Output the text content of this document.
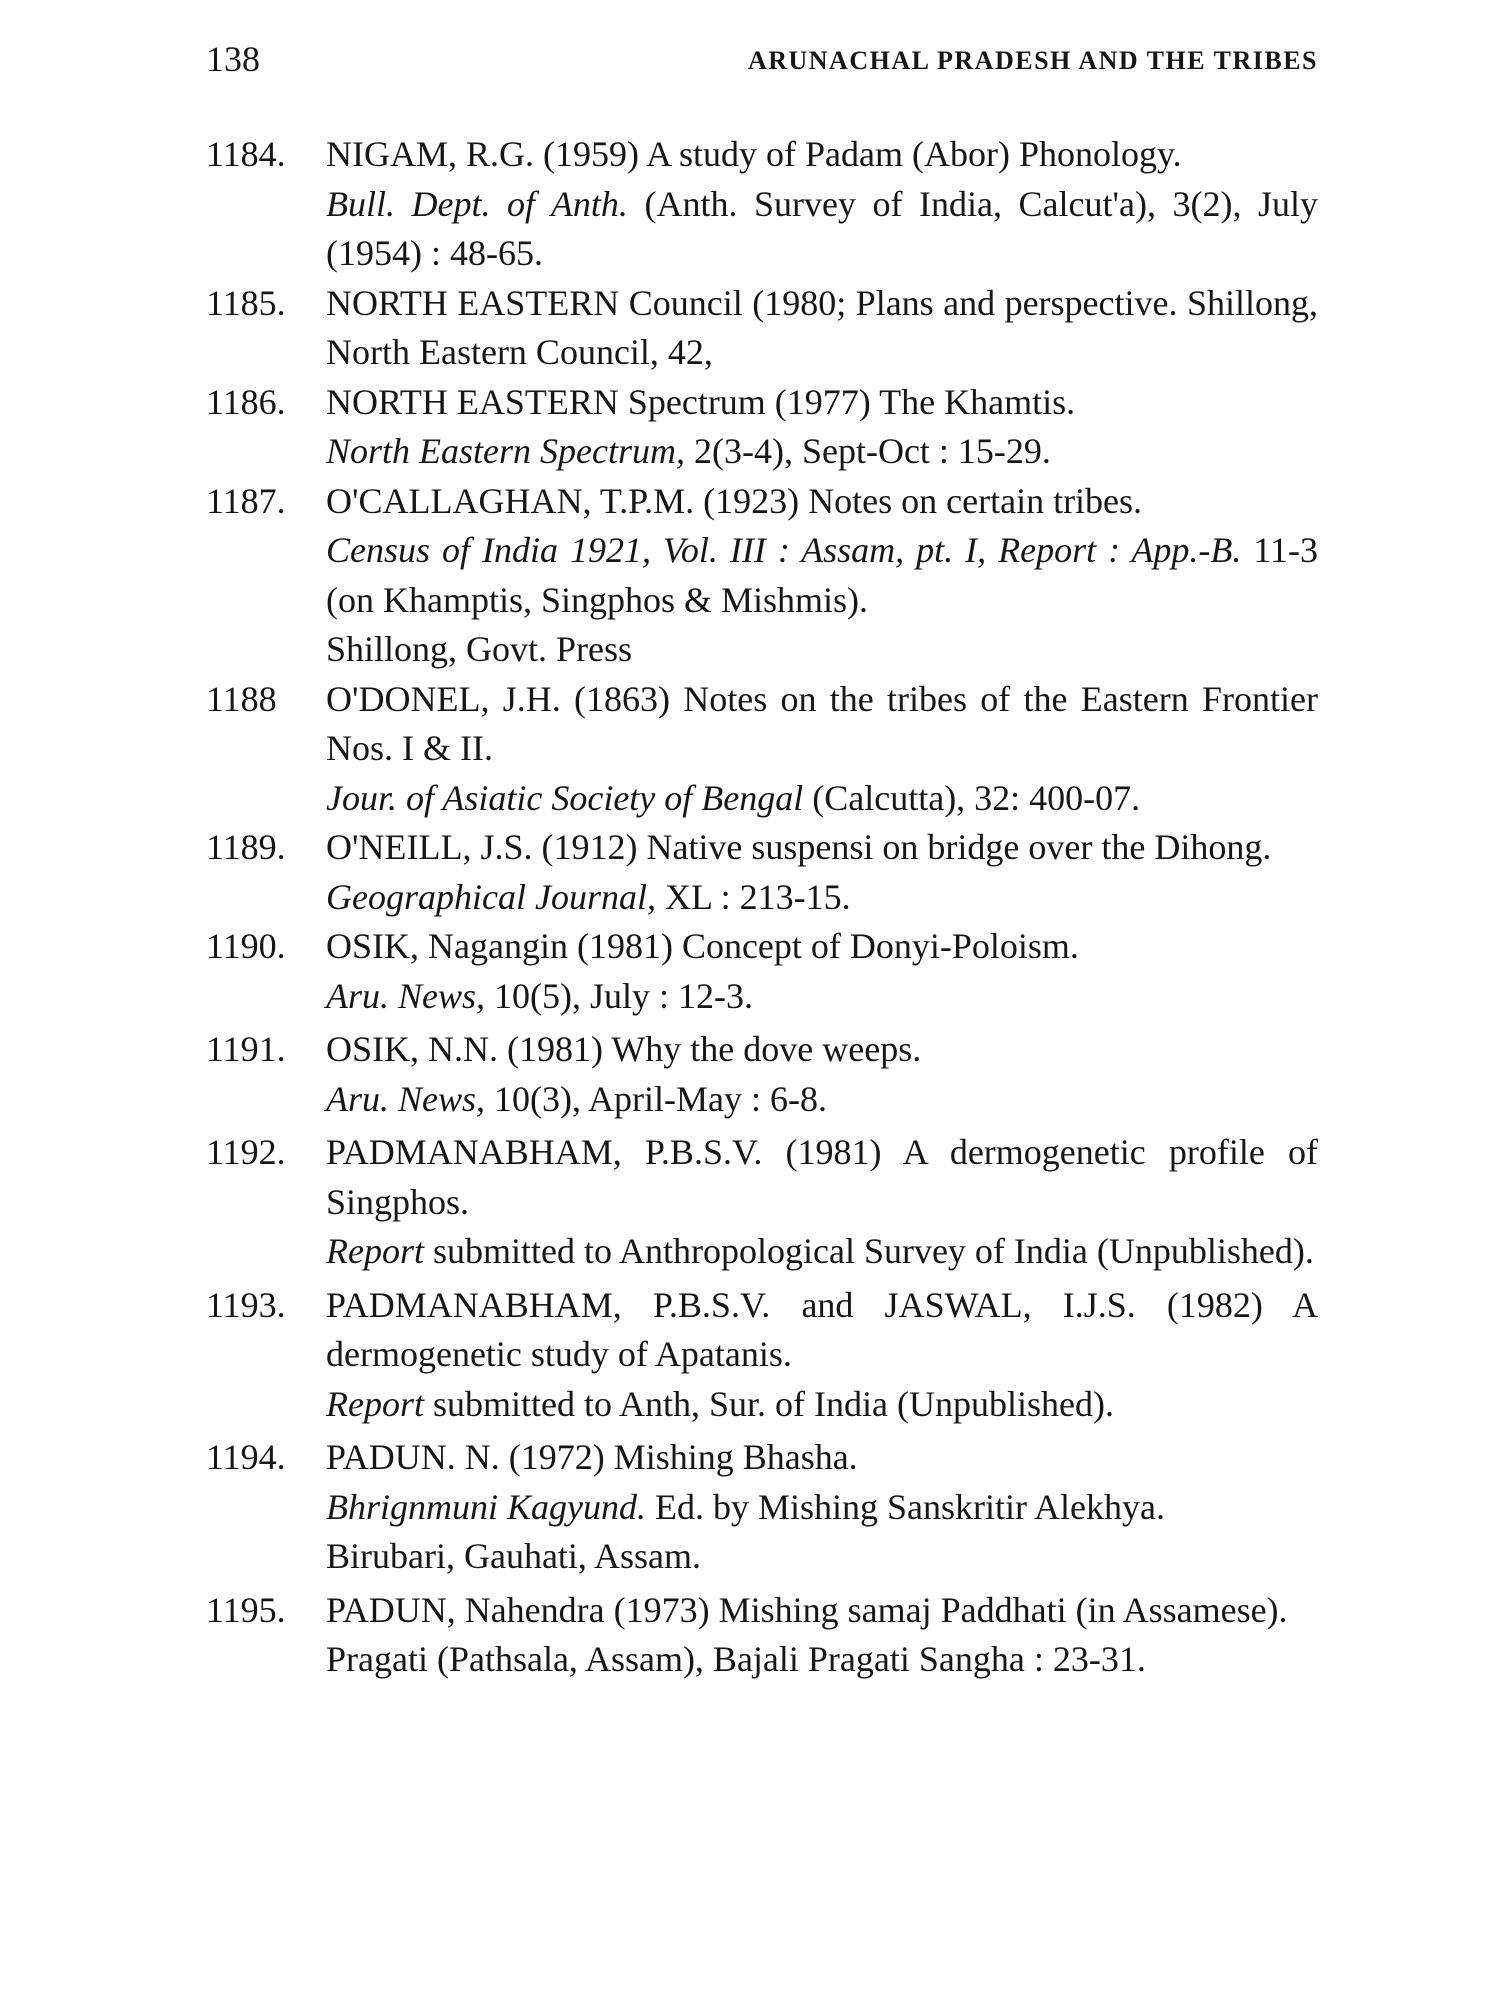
138	ARUNACHAL PRADESH AND THE TRIBES
1184.	NIGAM, R.G. (1959) A study of Padam (Abor) Phonology.
Bull. Dept. of Anth. (Anth. Survey of India, Calcut'a), 3(2), July (1954) : 48-65.
1185.	NORTH EASTERN Council (1980; Plans and perspective. Shillong, North Eastern Council, 42,
1186.	NORTH EASTERN Spectrum (1977) The Khamtis.
North Eastern Spectrum, 2(3-4), Sept-Oct : 15-29.
1187.	O'CALLAGHAN, T.P.M. (1923) Notes on certain tribes.
Census of India 1921, Vol. III : Assam, pt. I, Report : App.-B. 11-3 (on Khamptis, Singphos & Mishmis).
Shillong, Govt. Press
1188	O'DONEL, J.H. (1863) Notes on the tribes of the Eastern Frontier Nos. I & II.
Jour. of Asiatic Society of Bengal (Calcutta), 32: 400-07.
1189.	O'NEILL, J.S. (1912) Native suspensi on bridge over the Dihong.
Geographical Journal, XL : 213-15.
1190.	OSIK, Nagangin (1981) Concept of Donyi-Poloism.
Aru. News, 10(5), July : 12-3.
1191.	OSIK, N.N. (1981) Why the dove weeps.
Aru. News, 10(3), April-May : 6-8.
1192.	PADMANABHAM, P.B.S.V. (1981) A dermogenetic profile of Singphos.
Report submitted to Anthropological Survey of India (Unpublished).
1193.	PADMANABHAM, P.B.S.V. and JASWAL, I.J.S. (1982) A dermogenetic study of Apatanis.
Report submitted to Anth, Sur. of India (Unpublished).
1194.	PADUN. N. (1972) Mishing Bhasha.
Bhrignmuni Kagyund. Ed. by Mishing Sanskritir Alekhya.
Birubari, Gauhati, Assam.
1195.	PADUN, Nahendra (1973) Mishing samaj Paddhati (in Assamese).
Pragati (Pathsala, Assam), Bajali Pragati Sangha : 23-31.
